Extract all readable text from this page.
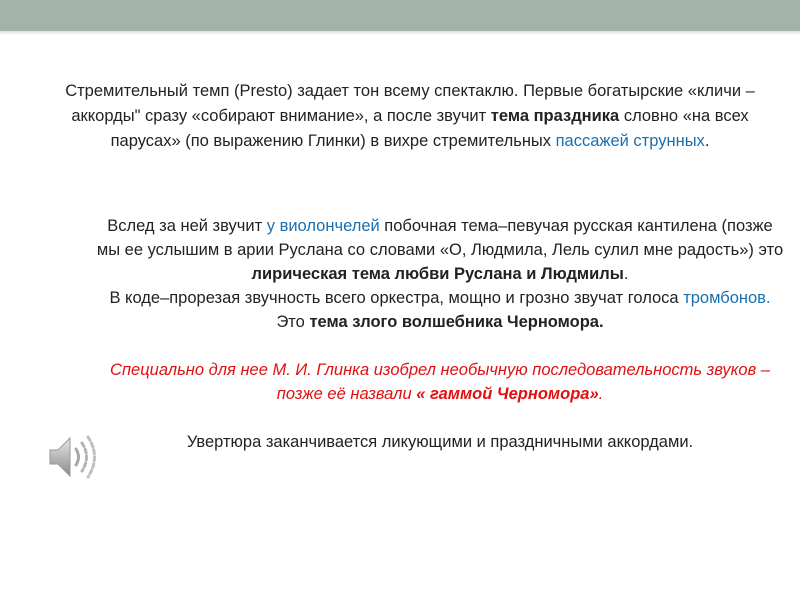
Стремительный темп (Presto) задает тон всему спектаклю. Первые богатырские «кличи – аккорды" сразу «собирают внимание», а после звучит тема праздника словно «на всех парусах» (по выражению Глинки) в вихре стремительных пассажей струнных.
Вслед за ней звучит у виолончелей побочная тема–певучая русская кантилена (позже мы ее услышим в арии Руслана со словами «О, Людмила, Лель сулил мне радость») это лирическая тема любви Руслана и Людмилы.
В коде–прорезая звучность всего оркестра, мощно и грозно звучат голоса тромбонов. Это тема злого волшебника Черномора.
Специально для нее М. И. Глинка изобрел необычную последовательность звуков –
позже её назвали « гаммой Черномора».
Увертюра заканчивается ликующими и праздничными аккордами.
